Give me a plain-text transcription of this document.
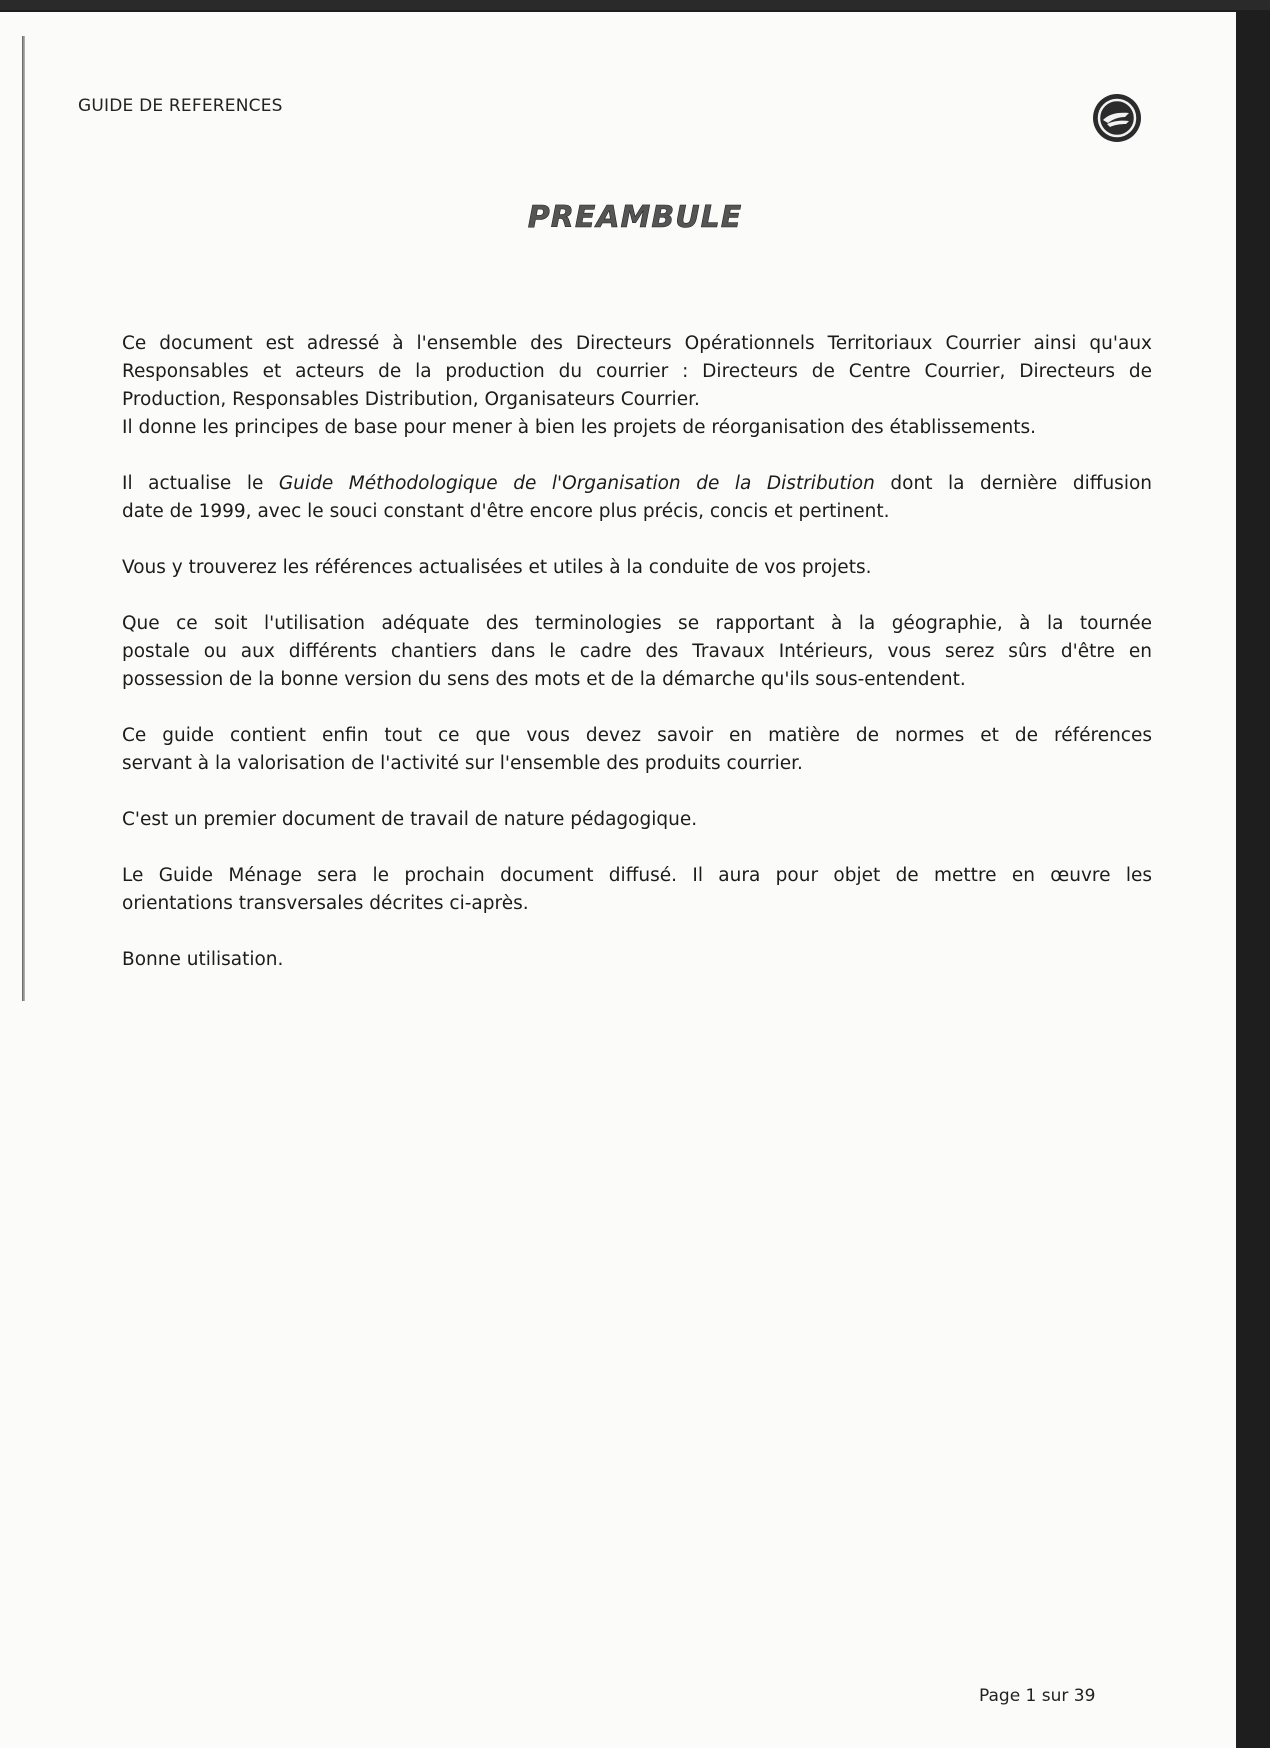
GUIDE DE REFERENCES
PREAMBULE

Ce document est adressé à l'ensemble des Directeurs Opérationnels Territoriaux Courrier ainsi qu'aux
Responsables et acteurs de la production du courrier : Directeurs de Centre Courrier, Directeurs de
Production, Responsables Distribution, Organisateurs Courrier.
Il donne les principes de base pour mener à bien les projets de réorganisation des établissements.

Il actualise le Guide Méthodologique de l'Organisation de la Distribution dont la dernière diffusion
date de 1999, avec le souci constant d'être encore plus précis, concis et pertinent.

Vous y trouverez les références actualisées et utiles à la conduite de vos projets.

Que ce soit l'utilisation adéquate des terminologies se rapportant à la géographie, à la tournée
postale ou aux différents chantiers dans le cadre des Travaux Intérieurs, vous serez sûrs d'être en
possession de la bonne version du sens des mots et de la démarche qu'ils sous-entendent.

Ce guide contient enfin tout ce que vous devez savoir en matière de normes et de références
servant à la valorisation de l'activité sur l'ensemble des produits courrier.

C'est un premier document de travail de nature pédagogique.

Le Guide Ménage sera le prochain document diffusé. Il aura pour objet de mettre en œuvre les
orientations transversales décrites ci-après.

Bonne utilisation.

Page 1 sur 39
